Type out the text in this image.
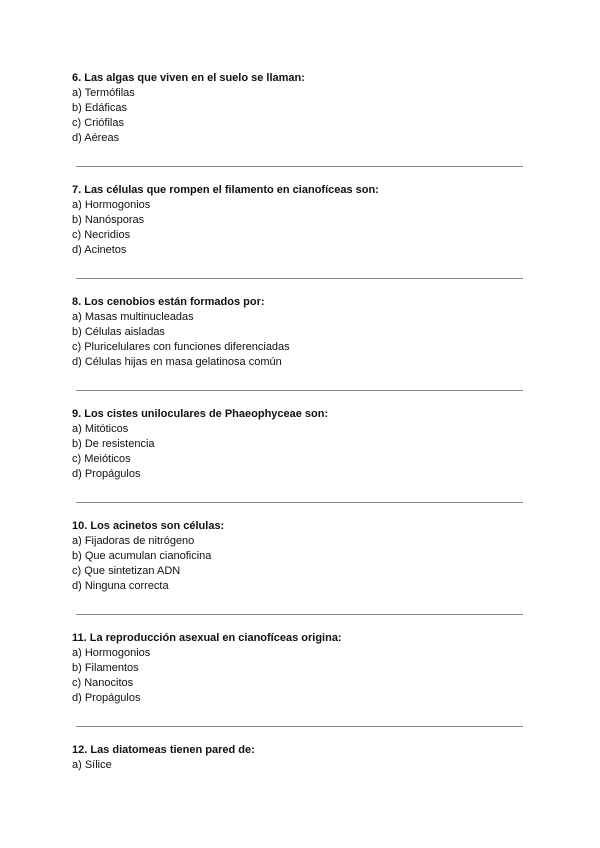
6. Las algas que viven en el suelo se llaman:

a) Termófilas

b) Edáficas

c) Criófilas

d) Aéreas

7. Las células que rompen el filamento en cianofíceas son:

a) Hormogonios

b) Nanósporas

c) Necridios

d) Acinetos

8. Los cenobios están formados por:

a) Masas multinucleadas

b) Células aisladas

c) Pluricelulares con funciones diferenciadas

d) Células hijas en masa gelatinosa común

9. Los cistes uniloculares de Phaeophyceae son:

a) Mitóticos

b) De resistencia

c) Meióticos

d) Propágulos

10. Los acinetos son células:

a) Fijadoras de nitrógeno

b) Que acumulan cianoficina

c) Que sintetizan ADN

d) Ninguna correcta

11. La reproducción asexual en cianofíceas origina:

a) Hormogonios

b) Filamentos

c) Nanocitos

d) Propágulos

12. Las diatomeas tienen pared de:

a) Sílice
